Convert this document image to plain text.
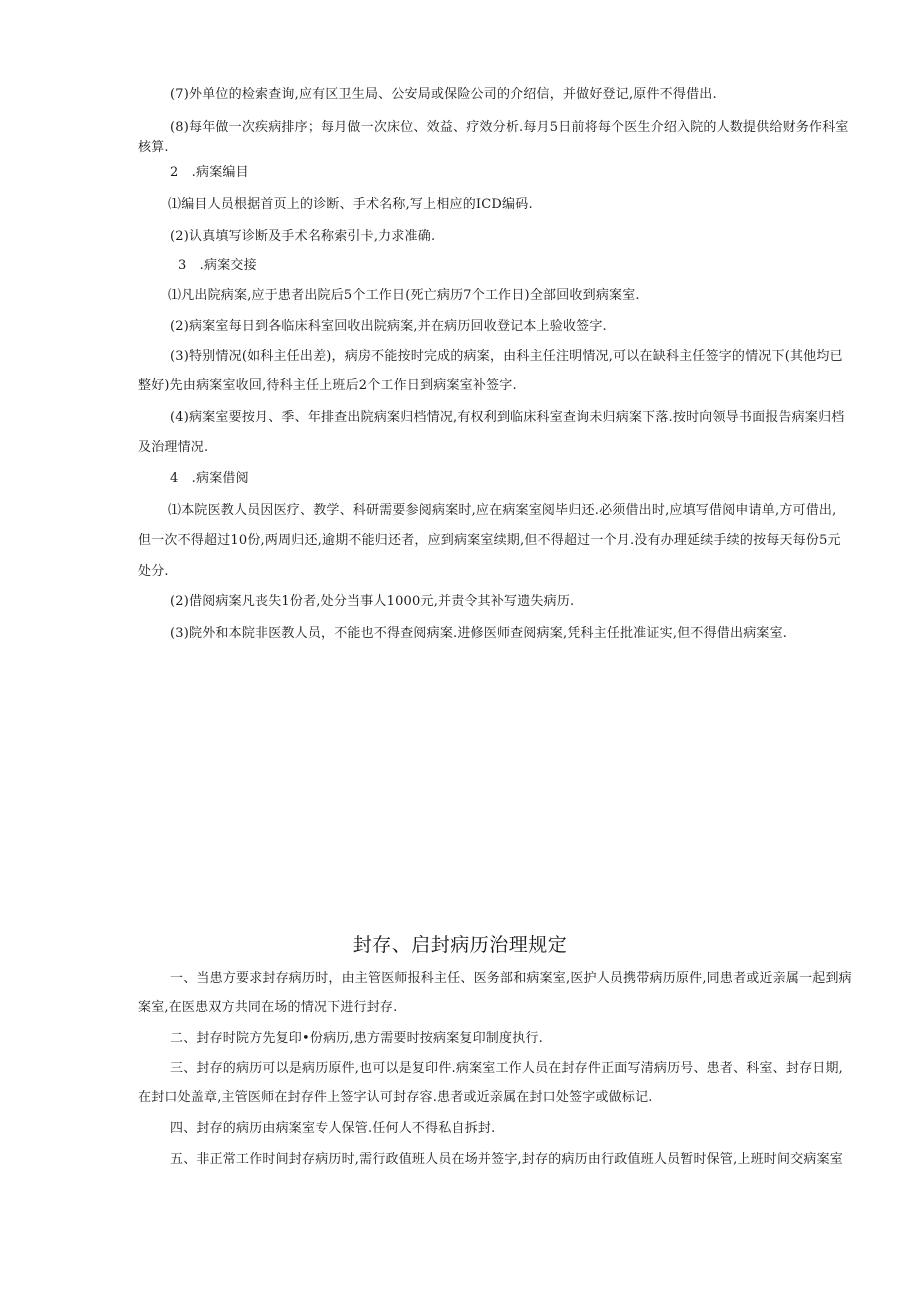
(7)外单位的检索查询,应有区卫生局、公安局或保险公司的介绍信，并做好登记,原件不得借出.
(8)每年做一次疾病排序；每月做一次床位、效益、疗效分析.每月5日前将每个医生介绍入院的人数提供给财务作科室
核算.
2　.病案编目
⑴编目人员根据首页上的诊断、手术名称,写上相应的ICD编码.
(2)认真填写诊断及手术名称索引卡,力求准确.
3　.病案交接
⑴凡出院病案,应于患者出院后5个工作日(死亡病历7个工作日)全部回收到病案室.
(2)病案室每日到各临床科室回收出院病案,并在病历回收登记本上验收签字.
(3)特别情况(如科主任出差)，病房不能按时完成的病案，由科主任注明情况,可以在缺科主任签字的情况下(其他均已
整好)先由病案室收回,待科主任上班后2个工作日到病案室补签字.
(4)病案室要按月、季、年排查出院病案归档情况,有权利到临床科室查询未归病案下落.按时向领导书面报告病案归档
及治理情况.
4　.病案借阅
⑴本院医教人员因医疗、教学、科研需要参阅病案时,应在病案室阅毕归还.必须借出时,应填写借阅申请单,方可借出,
但一次不得超过10份,两周归还,逾期不能归还者，应到病案室续期,但不得超过一个月.没有办理延续手续的按每天每份5元
处分.
(2)借阅病案凡丧失1份者,处分当事人1000元,并责令其补写遗失病历.
(3)院外和本院非医教人员，不能也不得查阅病案.进修医师查阅病案,凭科主任批准证实,但不得借出病案室.
封存、启封病历治理规定
一、当患方要求封存病历时，由主管医师报科主任、医务部和病案室,医护人员携带病历原件,同患者或近亲属一起到病
案室,在医患双方共同在场的情况下进行封存.
二、封存时院方先复印•份病历,患方需要时按病案复印制度执行.
三、封存的病历可以是病历原件,也可以是复印件.病案室工作人员在封存件正面写清病历号、患者、科室、封存日期,
在封口处盖章,主管医师在封存件上签字认可封存容.患者或近亲属在封口处签字或做标记.
四、封存的病历由病案室专人保管.任何人不得私自拆封.
五、非正常工作时间封存病历时,需行政值班人员在场并签字,封存的病历由行政值班人员暂时保管,上班时间交病案室
